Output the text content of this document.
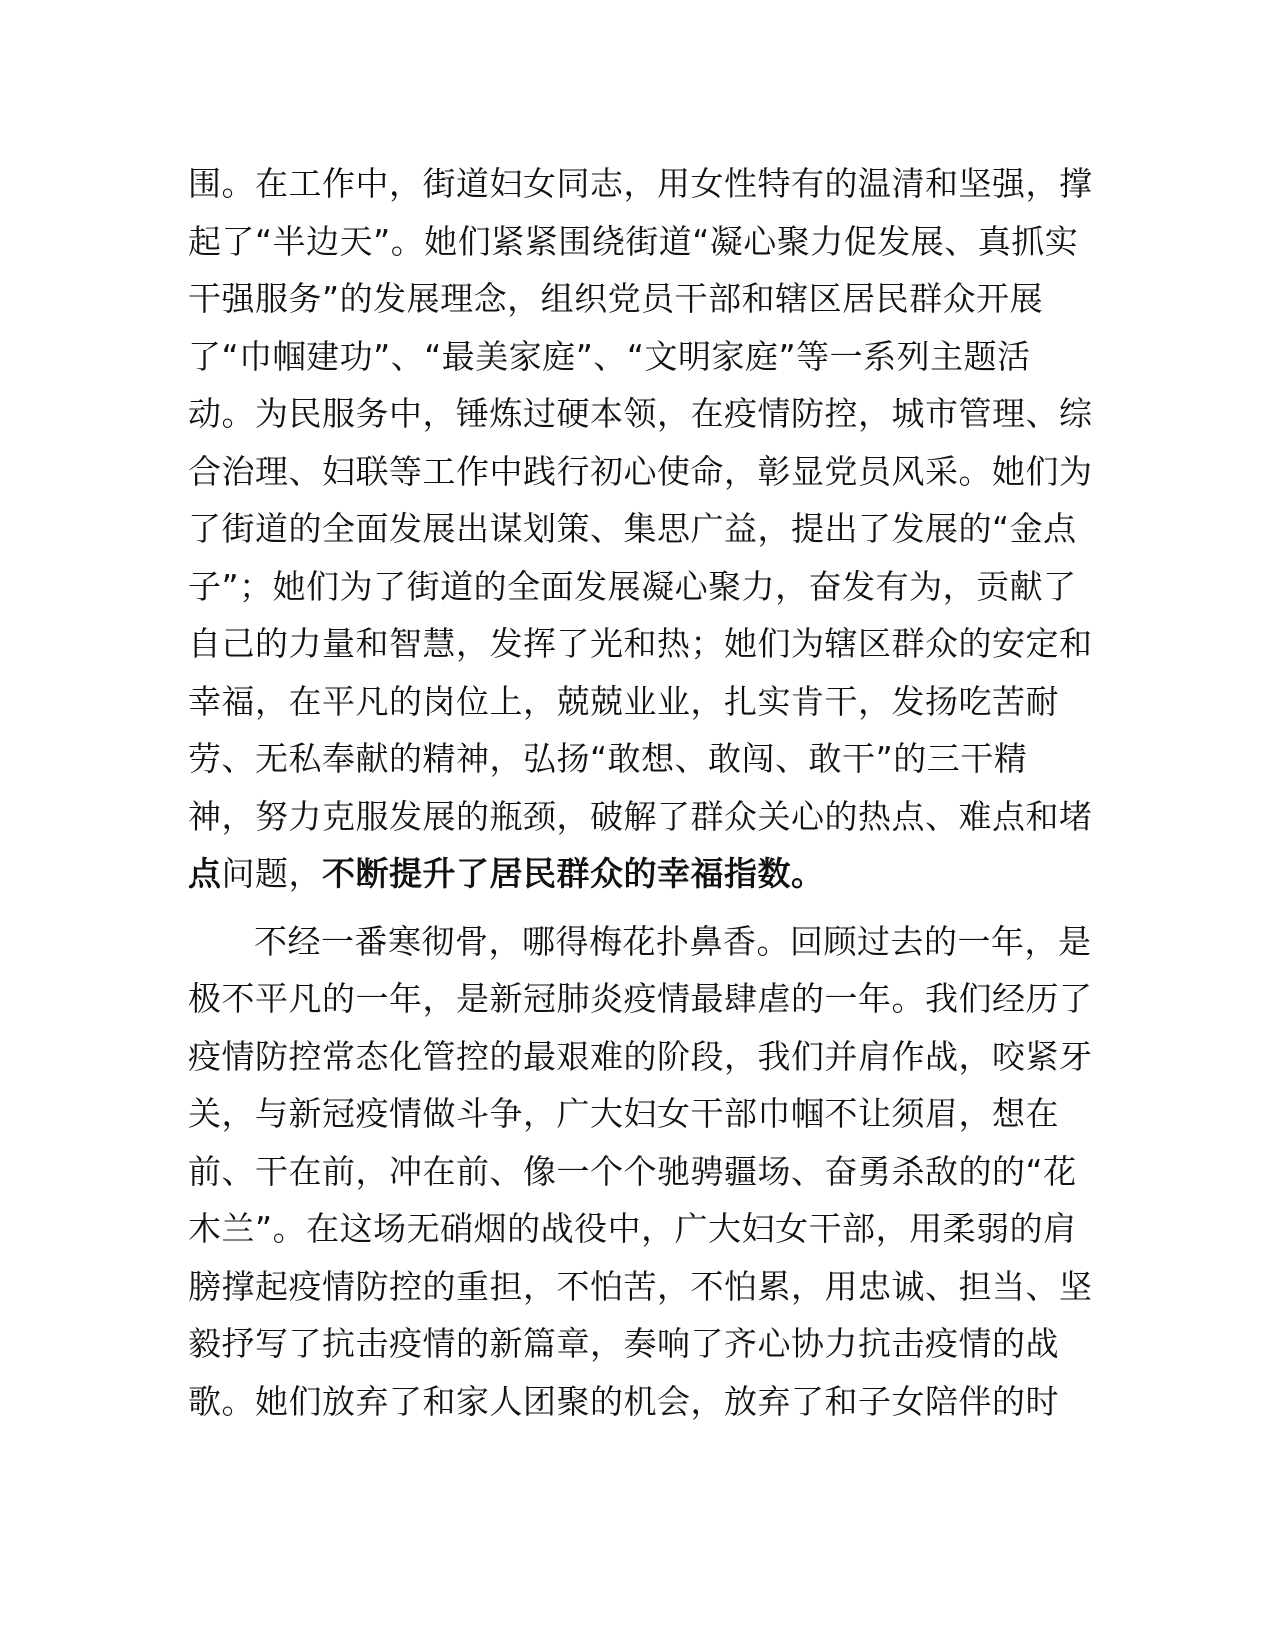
围。在工作中，街道妇女同志，用女性特有的温清和坚强，撑
起了“半边天”。她们紧紧围绕街道“凝心聚力促发展、真抓实
干强服务”的发展理念，组织党员干部和辖区居民群众开展
了“巾帼建功”、“最美家庭”、“文明家庭”等一系列主题活
动。为民服务中，锤炼过硬本领，在疫情防控，城市管理、综
合治理、妇联等工作中践行初心使命，彰显党员风采。她们为
了街道的全面发展出谋划策、集思广益，提出了发展的“金点
子”；她们为了街道的全面发展凝心聚力，奋发有为，贡献了
自己的力量和智慧，发挥了光和热；她们为辖区群众的安定和
幸福，在平凡的岗位上，兢兢业业，扎实肯干，发扬吃苦耐
劳、无私奉献的精神，弘扬“敢想、敢闯、敢干”的三干精
神，努力克服发展的瓶颈，破解了群众关心的热点、难点和堵
点问题，不断提升了居民群众的幸福指数。
不经一番寒彻骨，哪得梅花扑鼻香。回顾过去的一年，是
极不平凡的一年，是新冠肺炎疫情最肆虐的一年。我们经历了
疫情防控常态化管控的最艰难的阶段，我们并肩作战，咬紧牙
关，与新冠疫情做斗争，广大妇女干部巾帼不让须眉，想在
前、干在前，冲在前、像一个个驰骋疆场、奋勇杀敌的的“花
木兰”。在这场无硝烟的战役中，广大妇女干部，用柔弱的肩
膀撑起疫情防控的重担，不怕苦，不怕累，用忠诚、担当、坚
毅抒写了抗击疫情的新篇章，奏响了齐心协力抗击疫情的战
歌。她们放弃了和家人团聚的机会，放弃了和子女陪伴的时
